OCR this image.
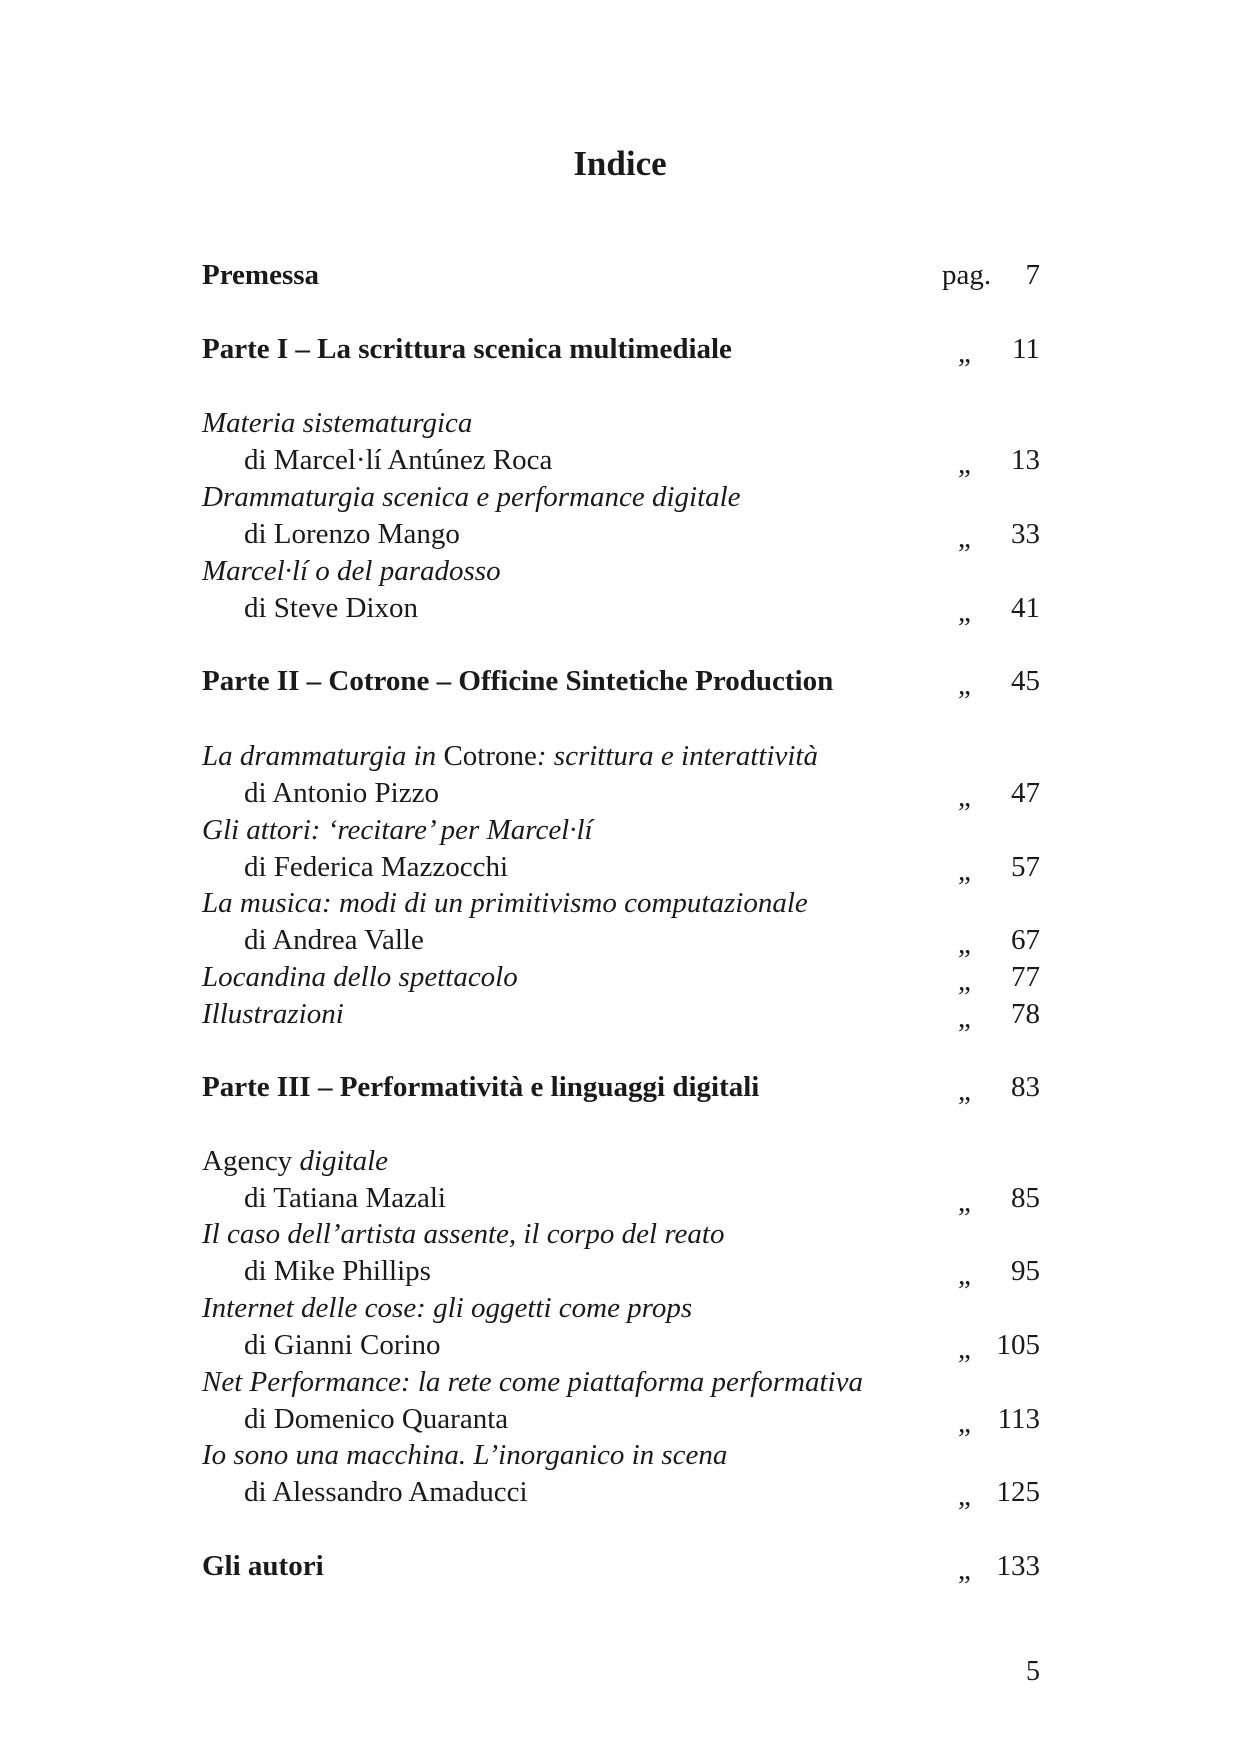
Indice
Premessa	pag. 7
Parte I – La scrittura scenica multimediale	„ 11
Materia sistematurgica
di Marcel·lí Antúnez Roca	„ 13
Drammaturgia scenica e performance digitale
di Lorenzo Mango	„ 33
Marcel·lí o del paradosso
di Steve Dixon	„ 41
Parte II – Cotrone – Officine Sintetiche Production	„ 45
La drammaturgia in Cotrone: scrittura e interattività
di Antonio Pizzo	„ 47
Gli attori: ‘recitare’ per Marcel·lí
di Federica Mazzocchi	„ 57
La musica: modi di un primitivismo computazionale
di Andrea Valle	„ 67
Locandina dello spettacolo	„ 77
Illustrazioni	„ 78
Parte III – Performatività e linguaggi digitali	„ 83
Agency digitale
di Tatiana Mazali	„ 85
Il caso dell’artista assente, il corpo del reato
di Mike Phillips	„ 95
Internet delle cose: gli oggetti come props
di Gianni Corino	„ 105
Net Performance: la rete come piattaforma performativa
di Domenico Quaranta	„ 113
Io sono una macchina. L’inorganico in scena
di Alessandro Amaducci	„ 125
Gli autori	„ 133
5
